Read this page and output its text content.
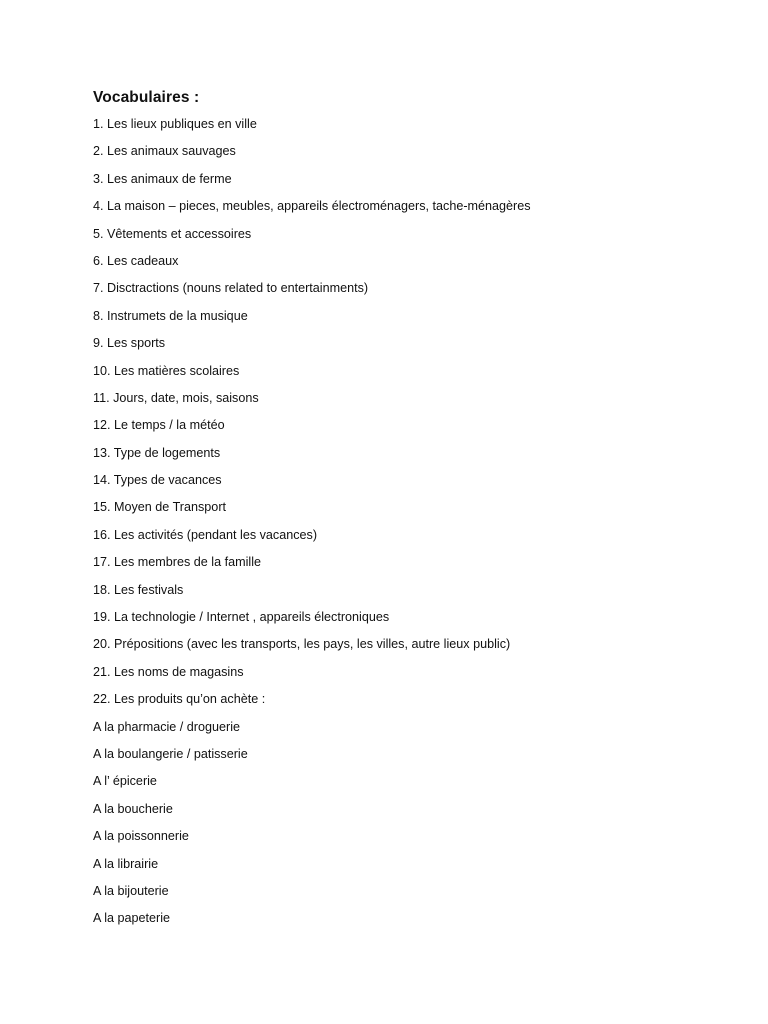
Vocabulaires :
1. Les lieux publiques en ville
2. Les animaux sauvages
3. Les animaux de ferme
4. La maison – pieces, meubles, appareils électroménagers, tache-ménagères
5. Vêtements et accessoires
6. Les cadeaux
7. Disctractions (nouns related to entertainments)
8. Instrumets de la musique
9. Les sports
10. Les matières scolaires
11. Jours, date, mois, saisons
12. Le temps / la météo
13. Type de logements
14. Types de vacances
15. Moyen de Transport
16. Les activités (pendant les vacances)
17. Les membres de la famille
18. Les festivals
19. La technologie / Internet , appareils électroniques
20. Prépositions (avec les transports, les pays, les villes, autre lieux public)
21. Les noms de magasins
22. Les produits qu’on achète :
A la pharmacie / droguerie
A la boulangerie / patisserie
A l’ épicerie
A la boucherie
A la poissonnerie
A la librairie
A la bijouterie
A la papeterie
